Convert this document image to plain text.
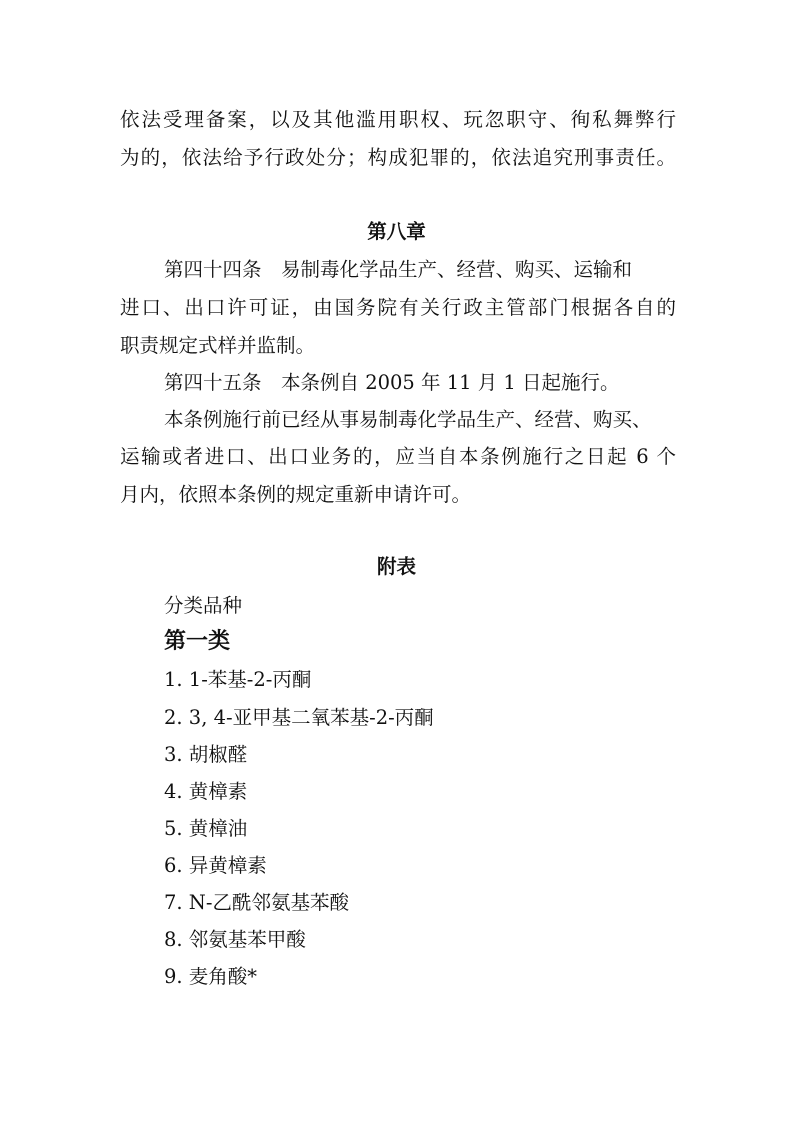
依法受理备案，以及其他滥用职权、玩忽职守、徇私舞弊行
为的，依法给予行政处分；构成犯罪的，依法追究刑事责任。
第八章
第四十四条　易制毒化学品生产、经营、购买、运输和
进口、出口许可证，由国务院有关行政主管部门根据各自的
职责规定式样并监制。
第四十五条　本条例自 2005 年 11 月 1 日起施行。
本条例施行前已经从事易制毒化学品生产、经营、购买、
运输或者进口、出口业务的，应当自本条例施行之日起 6 个
月内，依照本条例的规定重新申请许可。
附表
分类品种
第一类
1. 1-苯基-2-丙酮
2. 3, 4-亚甲基二氧苯基-2-丙酮
3. 胡椒醛
4. 黄樟素
5. 黄樟油
6. 异黄樟素
7. N-乙酰邻氨基苯酸
8. 邻氨基苯甲酸
9. 麦角酸*
